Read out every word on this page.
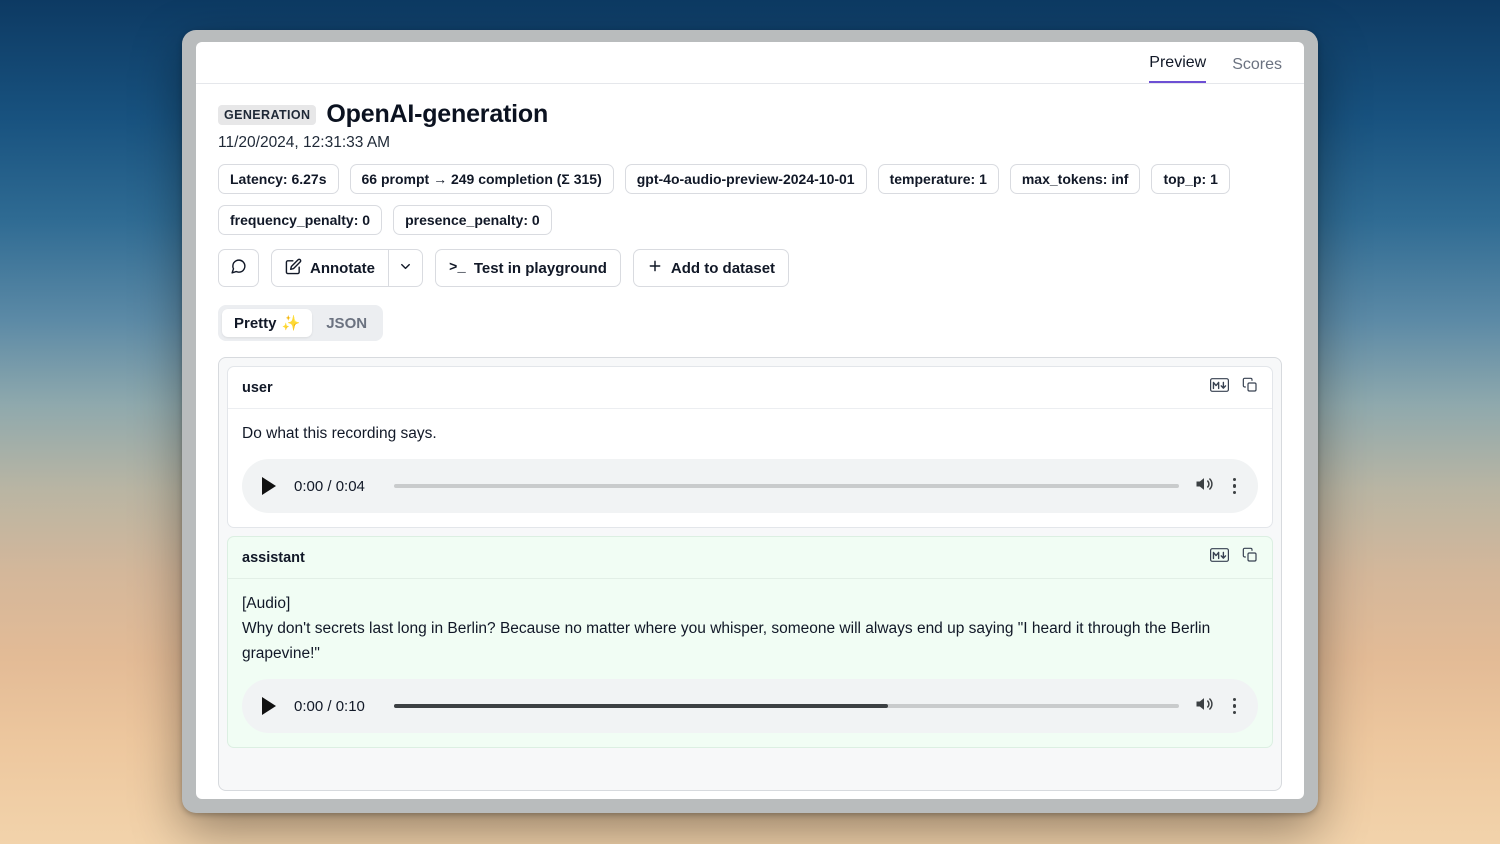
Preview Scores
GENERATION OpenAI-generation
11/20/2024, 12:31:33 AM
Latency: 6.27s	66 prompt → 249 completion (Σ 315)	gpt-4o-audio-preview-2024-10-01	temperature: 1	max_tokens: inf	top_p: 1
frequency_penalty: 0	presence_penalty: 0
Annotate	>_ Test in playground	Add to dataset
Pretty ✨ JSON
user
Do what this recording says.
0:00 / 0:04
assistant
[Audio]
Why don't secrets last long in Berlin? Because no matter where you whisper, someone will always end up saying "I heard it through the Berlin grapevine!"
0:00 / 0:10
